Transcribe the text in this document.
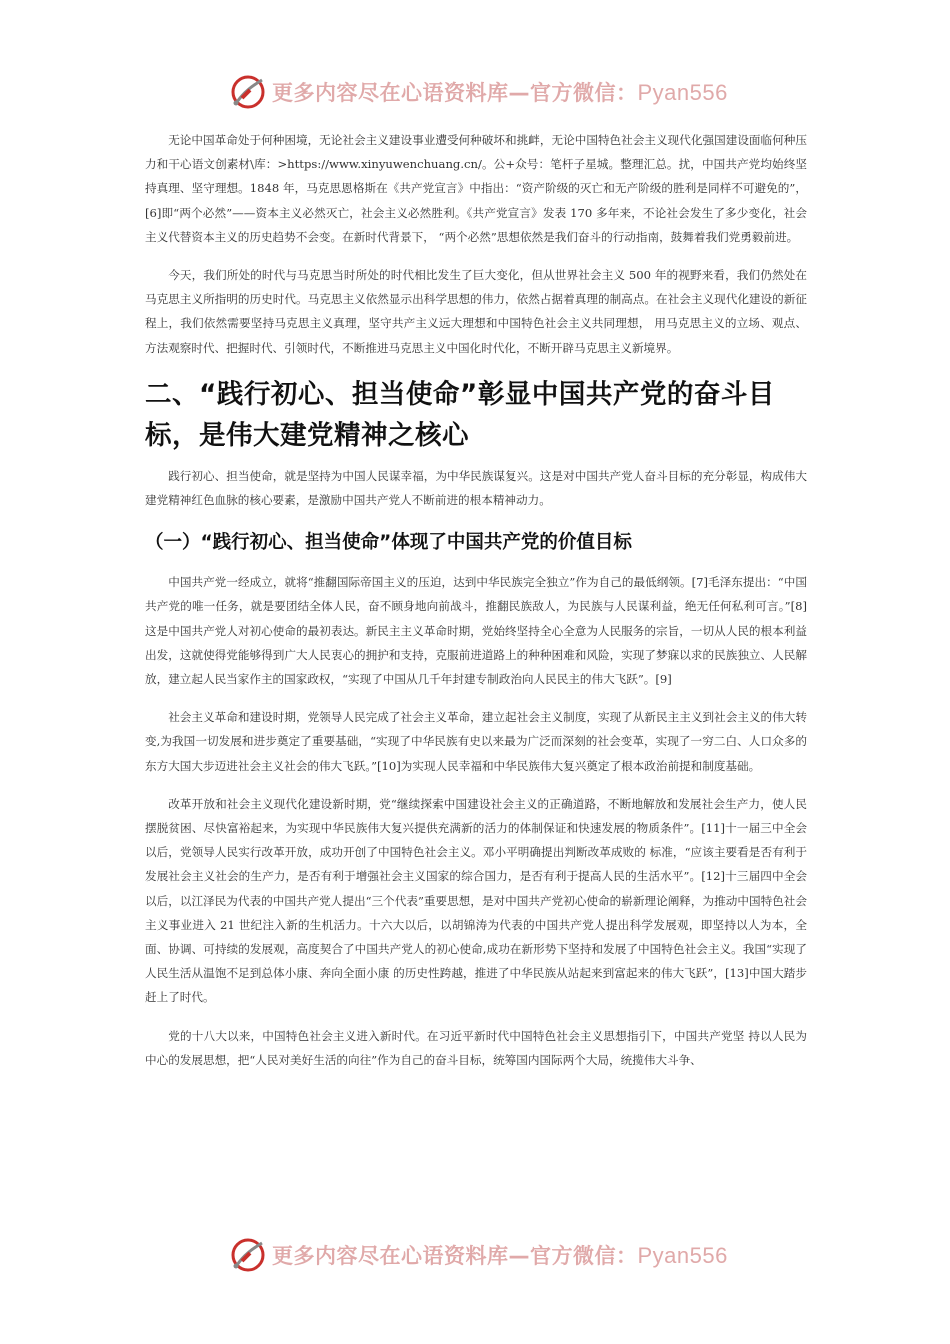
更多内容尽在心语资料库—官方微信：Pyan556

无论中国革命处于何种困境，无论社会主义建设事业遭受何种破坏和挑衅，无论中国特色社会主义现代化强国建设面临何种压力和干心语文创素材\库：>https://www.xinyuwenchuang.cn/。公+众号：笔杆子星城。整理汇总。扰，中国共产党均始终坚持真理、坚守理想。1848 年，马克思恩格斯在《共产党宣言》中指出：“资产阶级的灭亡和无产阶级的胜利是同样不可避免的”，[6]即“两个必然”——资本主义必然灭亡，社会主义必然胜利。《共产党宣言》发表 170 多年来，不论社会发生了多少变化，社会主义代替资本主义的历史趋势不会变。在新时代背景下， “两个必然”思想依然是我们奋斗的行动指南，鼓舞着我们党勇毅前进。

今天，我们所处的时代与马克思当时所处的时代相比发生了巨大变化，但从世界社会主义 500 年的视野来看，我们仍然处在马克思主义所指明的历史时代。马克思主义依然显示出科学思想的伟力，依然占据着真理的制高点。在社会主义现代化建设的新征程上，我们依然需要坚持马克思主义真理，坚守共产主义远大理想和中国特色社会主义共同理想， 用马克思主义的立场、观点、方法观察时代、把握时代、引领时代，不断推进马克思主义中国化时代化，不断开辟马克思主义新境界。

二、“践行初心、担当使命”彰显中国共产党的奋斗目标，是伟大建党精神之核心

践行初心、担当使命，就是坚持为中国人民谋幸福，为中华民族谋复兴。这是对中国共产党人奋斗目标的充分彰显，构成伟大建党精神红色血脉的核心要素，是激励中国共产党人不断前进的根本精神动力。

（一）“践行初心、担当使命”体现了中国共产党的价值目标

中国共产党一经成立，就将“推翻国际帝国主义的压迫，达到中华民族完全独立”作为自己的最低纲领。[7]毛泽东提出：“中国共产党的唯一任务，就是要团结全体人民，奋不顾身地向前战斗，推翻民族敌人，为民族与人民谋利益，绝无任何私利可言。”[8]这是中国共产党人对初心使命的最初表达。新民主主义革命时期，党始终坚持全心全意为人民服务的宗旨，一切从人民的根本利益出发，这就使得党能够得到广大人民衷心的拥护和支持，克服前进道路上的种种困难和风险，实现了梦寐以求的民族独立、人民解放，建立起人民当家作主的国家政权，“实现了中国从几千年封建专制政治向人民民主的伟大飞跃”。[9]

社会主义革命和建设时期，党领导人民完成了社会主义革命，建立起社会主义制度，实现了从新民主主义到社会主义的伟大转变,为我国一切发展和进步奠定了重要基础，“实现了中华民族有史以来最为广泛而深刻的社会变革，实现了一穷二白、人口众多的东方大国大步迈进社会主义社会的伟大飞跃。”[10]为实现人民幸福和中华民族伟大复兴奠定了根本政治前提和制度基础。

改革开放和社会主义现代化建设新时期，党“继续探索中国建设社会主义的正确道路，不断地解放和发展社会生产力，使人民摆脱贫困、尽快富裕起来，为实现中华民族伟大复兴提供充满新的活力的体制保证和快速发展的物质条件”。[11]十一届三中全会以后，党领导人民实行改革开放，成功开创了中国特色社会主义。邓小平明确提出判断改革成败的 标准，“应该主要看是否有利于发展社会主义社会的生产力，是否有利于增强社会主义国家的综合国力，是否有利于提高人民的生活水平”。[12]十三届四中全会以后，以江泽民为代表的中国共产党人提出“三个代表”重要思想，是对中国共产党初心使命的崭新理论阐释，为推动中国特色社会主义事业进入 21 世纪注入新的生机活力。十六大以后，以胡锦涛为代表的中国共产党人提出科学发展观，即坚持以人为本，全面、协调、可持续的发展观，高度契合了中国共产党人的初心使命,成功在新形势下坚持和发展了中国特色社会主义。我国“实现了人民生活从温饱不足到总体小康、奔向全面小康 的历史性跨越，推进了中华民族从站起来到富起来的伟大飞跃”，[13]中国大踏步赶上了时代。

党的十八大以来，中国特色社会主义进入新时代。在习近平新时代中国特色社会主义思想指引下，中国共产党坚 持以人民为中心的发展思想，把“人民对美好生活的向往”作为自己的奋斗目标，统筹国内国际两个大局，统揽伟大斗争、

更多内容尽在心语资料库—官方微信：Pyan556
